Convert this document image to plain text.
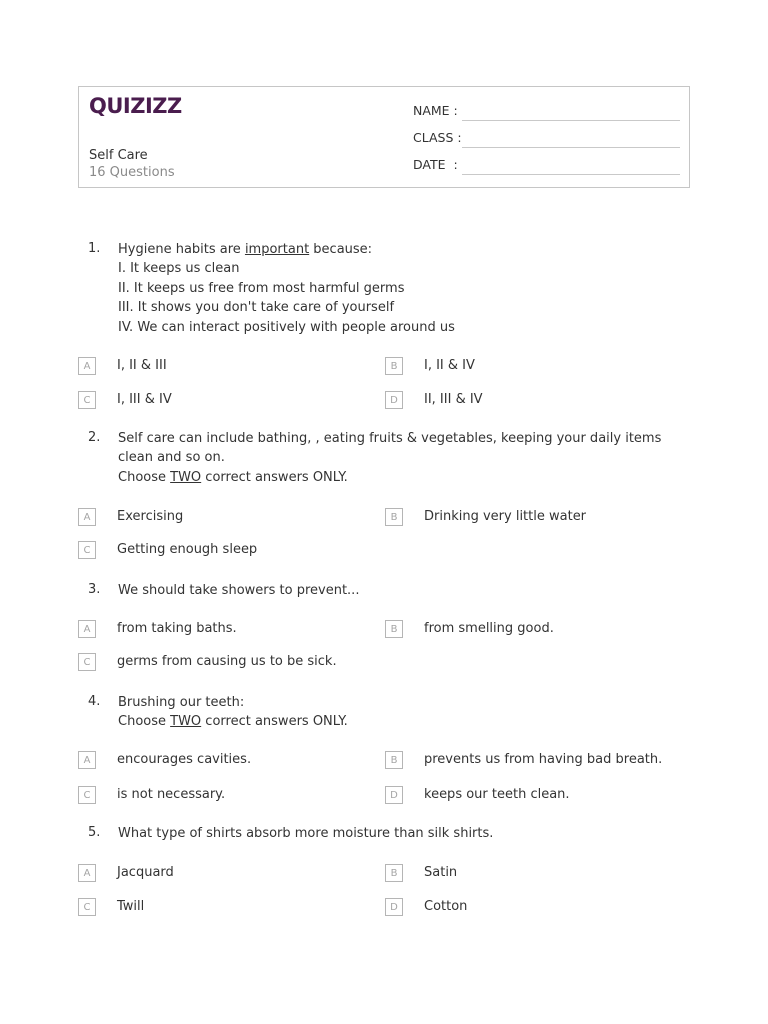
QUIZIZZ
Self Care
16 Questions
NAME :
CLASS :
DATE  :
1.	Hygiene habits are important because:
I. It keeps us clean
II. It keeps us free from most harmful germs
III. It shows you don't take care of yourself
IV. We can interact positively with people around us
A	I, II & III	B	I, II & IV
C	I, III & IV	D	II, III & IV
2.	Self care can include bathing, , eating fruits & vegetables, keeping your daily items clean and so on.
Choose TWO correct answers ONLY.
A	Exercising	B	Drinking very little water
C	Getting enough sleep
3.	We should take showers to prevent...
A	from taking baths.	B	from smelling good.
C	germs from causing us to be sick.
4.	Brushing our teeth:
Choose TWO correct answers ONLY.
A	encourages cavities.	B	prevents us from having bad breath.
C	is not necessary.	D	keeps our teeth clean.
5.	What type of shirts absorb more moisture than silk shirts.
A	Jacquard	B	Satin
C	Twill	D	Cotton
